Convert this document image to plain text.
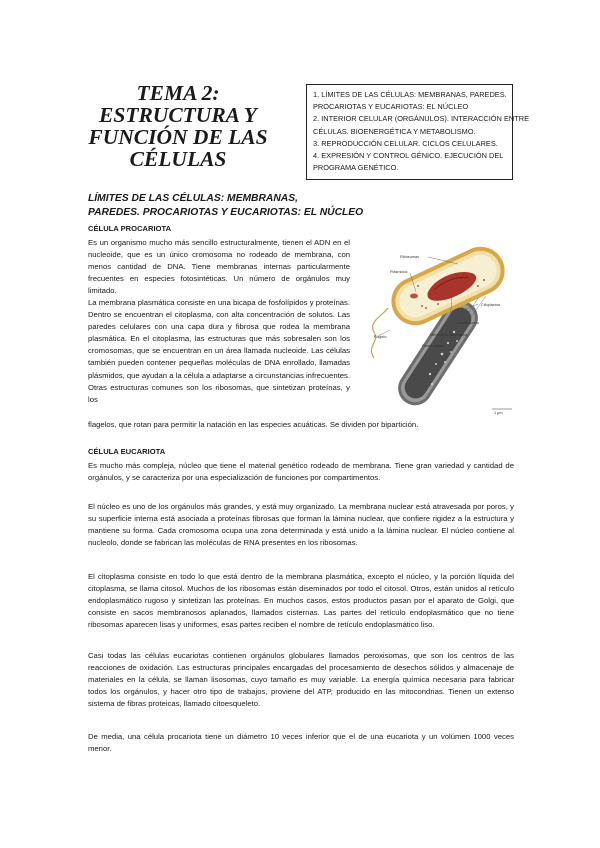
TEMA 2:
ESTRUCTURA Y
FUNCIÓN DE LAS
CÉLULAS
1. LÍMITES DE LAS CÉLULAS: MEMBRANAS, PAREDES.
PROCARIOTAS Y EUCARIOTAS: EL NÚCLEO
2. INTERIOR CELULAR (ORGÁNULOS). INTERACCIÓN ENTRE
CÉLULAS. BIOENERGÉTICA Y METABOLISMO.
3. REPRODUCCIÓN CELULAR. CICLOS CELULARES.
4. EXPRESIÓN Y CONTROL GÉNICO. EJECUCIÓN DEL
PROGRAMA GENÉTICO.
LÍMITES DE LAS CÉLULAS: MEMBRANAS,
PAREDES. PROCARIOTAS Y EUCARIOTAS: EL NÚCLEO
CÉLULA PROCARIOTA

Es un organismo mucho más sencillo estructuralmente, tienen el ADN en el nucleoide, que es un único cromosoma no rodeado de membrana, con menos cantidad de DNA. Tiene membranas internas particularmente frecuentes en especies fotosintéticas. Un número de orgánulos muy limitado.

La membrana plasmática consiste en una bicapa de fosfolípidos y proteínas. Dentro se encuentran el citoplasma, con alta concentración de solutos. Las paredes celulares con una capa dura y fibrosa que rodea la membrana plasmática. En el citoplasma, las estructuras que más sobresalen son los cromosomas, que se encuentran en un área llamada nucleoide. Las células también pueden contener pequeñas moléculas de DNA enrollado, llamadas plásmidos, que ayudan a la célula a adaptarse a circunstancias infrecuentes. Otras estructuras comunes son los ribosomas, que sintetizan proteínas, y los

flagelos, que rotan para permitir la natación en las especies acuáticas. Se dividen por bipartición.

Ribosomas
Plásmidos
Citoplasma
Cromosoma
Flagelo	Membrana plasmática
Pared celular
1 μm
CÉLULA EUCARIOTA

Es mucho más compleja, núcleo que tiene el material genético rodeado de membrana. Tiene gran variedad y cantidad de orgánulos, y se caracteriza por una especialización de funciones por compartimentos.

El núcleo es uno de los orgánulos más grandes, y está muy organizado. La membrana nuclear está atravesada por poros, y su superficie interna está asociada a proteínas fibrosas que forman la lámina nuclear, que confiere rigidez a la estructura y mantiene su forma. Cada cromosoma ocupa una zona determinada y está unido a la lámina nuclear. El núcleo contiene al nucleolo, donde se fabrican las moléculas de RNA presentes en los ribosomas.

El citoplasma consiste en todo lo que está dentro de la membrana plasmática, excepto el núcleo, y la porción líquida del citoplasma, se llama citosol. Muchos de los ribosomas están diseminados por todo el citosol. Otros, están unidos al retículo endoplasmático rugoso y sintetizan las proteínas. En muchos casos, estos productos pasan por el aparato de Golgi, que consiste en sacos membranosos aplanados, llamados cisternas. Las partes del retículo endoplasmático que no tiene ribosomas aparecen lisas y uniformes, esas partes reciben el nombre de retículo endoplasmático liso.

Casi todas las células eucariotas contienen orgánulos globulares llamados peroxisomas, que son los centros de las reacciones de oxidación. Las estructuras principales encargadas del procesamiento de desechos sólidos y almacenaje de materiales en la célula, se llaman lisosomas, cuyo tamaño es muy variable. La energía química necesaria para fabricar todos los orgánulos, y hacer otro tipo de trabajos, proviene del ATP, producido en las mitocondrias. Tienen un extenso sistema de fibras proteicas, llamado citoesqueleto.

De media, una célula procariota tiene un diámetro 10 veces inferior que el de una eucariota y un volúmen 1000 veces menor.
